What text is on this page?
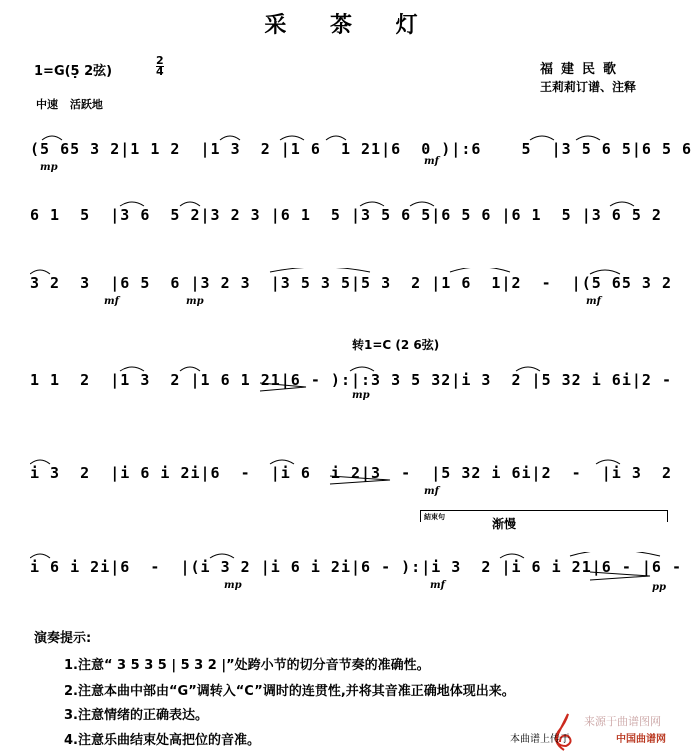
采 茶 灯
1=G(5̣ 2弦)	$\frac{2}{4}$	福建民歌
王莉莉订谱、注释
中速 活跃地
(5 65 3 2|1 1 2  |1 3  2 |1 6  1 21|6  0 )|:6    5  |3 5 6 5|6 5 6
6 1  5  |3 6  5 2|3 2 3 |6 1  5 |3 5 6 5|6 5 6 |6 1  5 |3 6 5 2
3 2  3  |6 5  6 |3 2 3  |3 5 3 5|5 3  2 |1 6  1|2  -  |(5 65 3 2
转1=C (2 6弦)
1 1  2  |1 3  2 |1 6 1 21|6 - ):|:3 3 5 32|i 3  2 |5 32 i 6i|2 -
i 3  2  |i 6 i 2i|6  -  |i 6  i 2|3  -  |5 32 i 6i|2  -  |i 3  2
結束句	渐慢
i 6 i 2i|6  -  |(i 3 2 |i 6 i 2i|6 - ):|i 3  2 |i 6 i 21|6 - |6 -
mp
mf
mf	mp	mf
mp
mf
mp	mf	pp
演奏提示:
1.注意“ 3 5 3 5 | 5 3 2 |”处跨小节的切分音节奏的准确性。
2.注意本曲中部由“G”调转入“C”调时的连贯性,并将其音准正确地体现出来。
3.注意情绪的正确表达。
4.注意乐曲结束处高把位的音准。
来源于曲谱图网
本曲谱上传于	中国曲谱网
